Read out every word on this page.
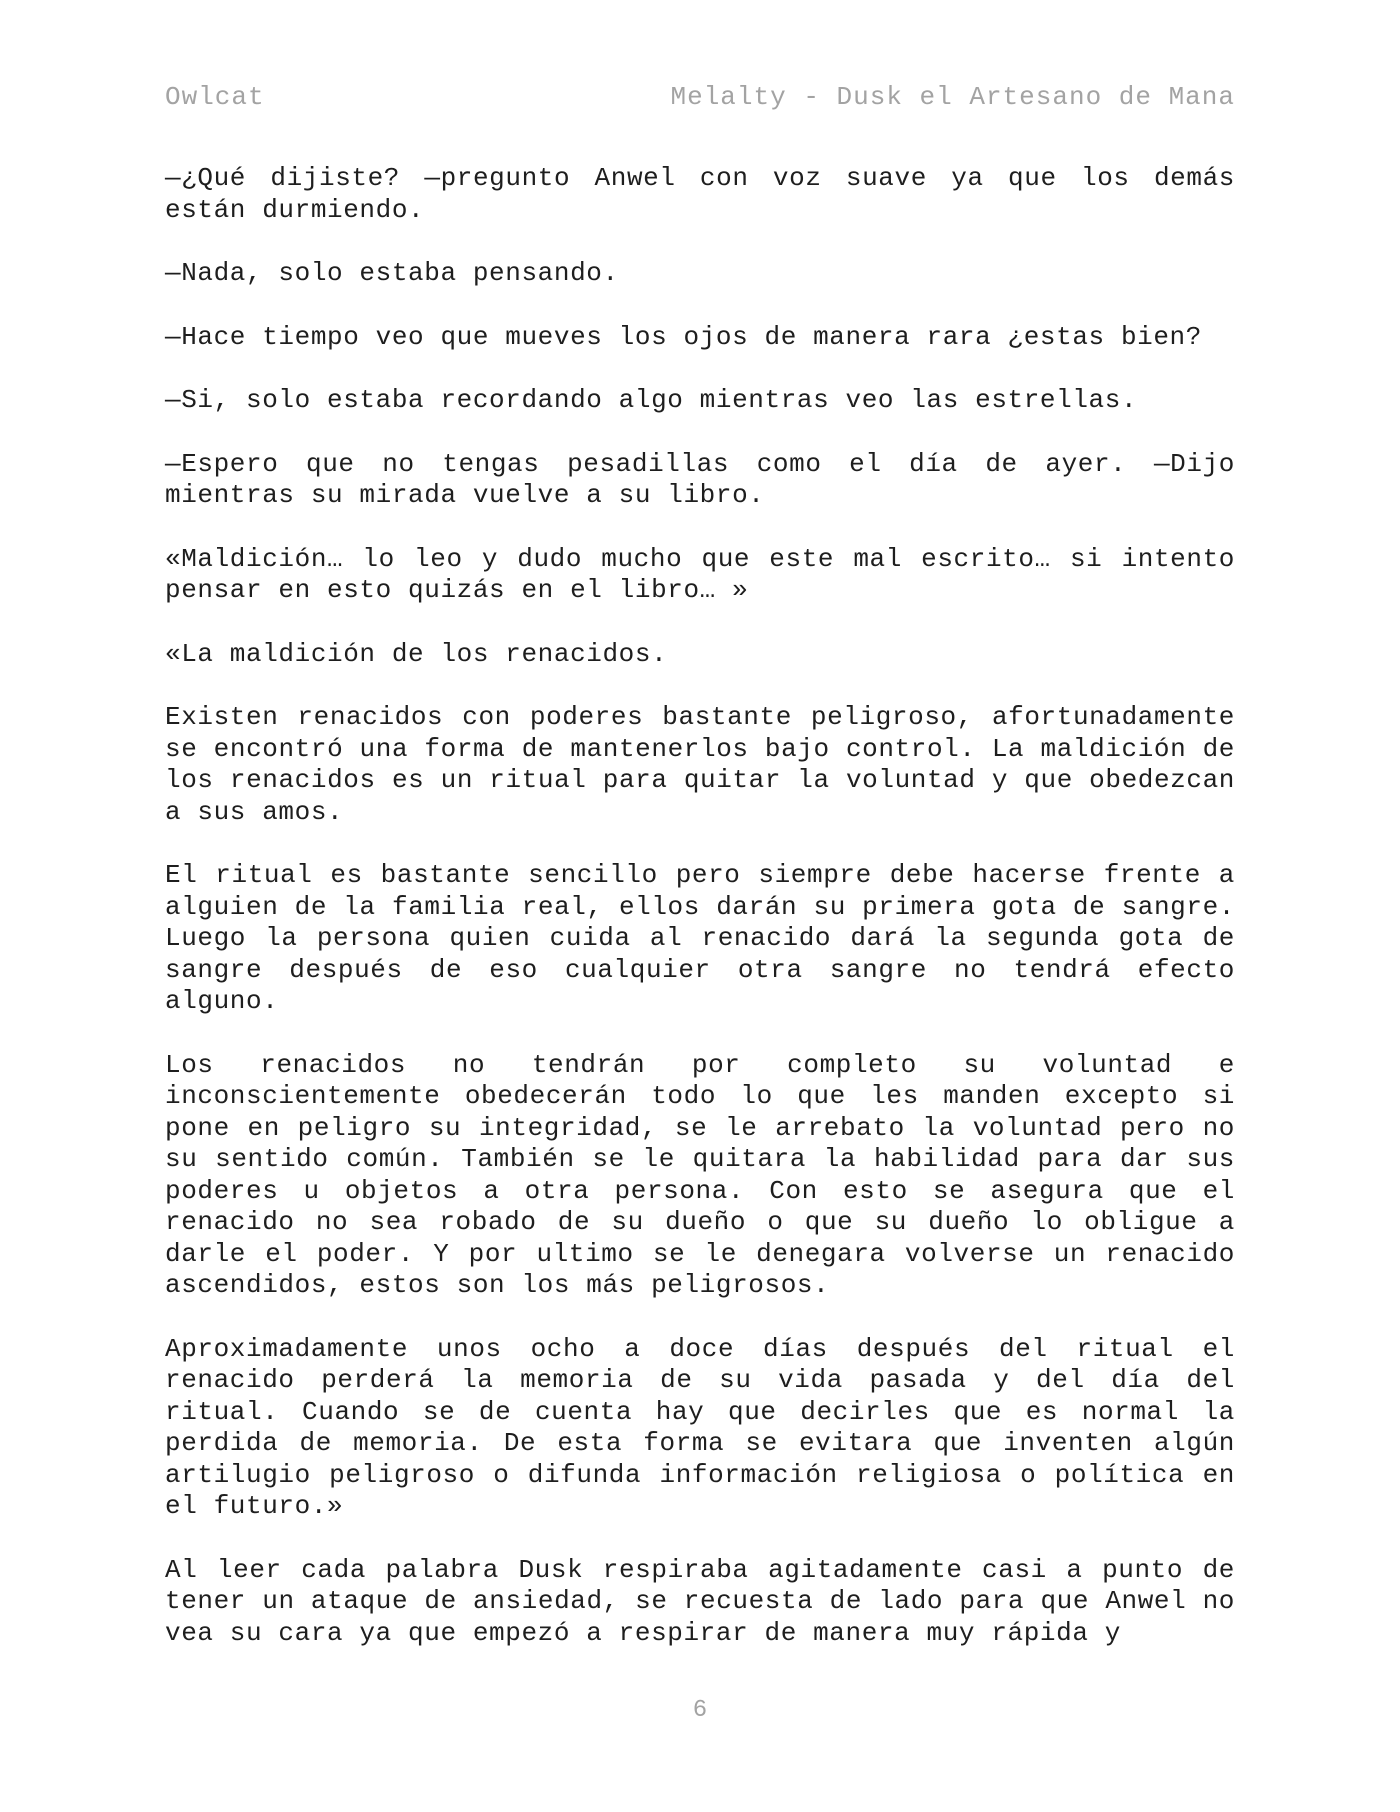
Owlcat	Melalty - Dusk el Artesano de Mana

—¿Qué dijiste? —pregunto Anwel con voz suave ya que los demás están durmiendo.

—Nada, solo estaba pensando.

—Hace tiempo veo que mueves los ojos de manera rara ¿estas bien?

—Si, solo estaba recordando algo mientras veo las estrellas.

—Espero que no tengas pesadillas como el día de ayer. —Dijo mientras su mirada vuelve a su libro.

«Maldición… lo leo y dudo mucho que este mal escrito… si intento pensar en esto quizás en el libro… »

«La maldición de los renacidos.

Existen renacidos con poderes bastante peligroso, afortunadamente se encontró una forma de mantenerlos bajo control. La maldición de los renacidos es un ritual para quitar la voluntad y que obedezcan a sus amos.

El ritual es bastante sencillo pero siempre debe hacerse frente a alguien de la familia real, ellos darán su primera gota de sangre. Luego la persona quien cuida al renacido dará la segunda gota de sangre después de eso cualquier otra sangre no tendrá efecto alguno.

Los renacidos no tendrán por completo su voluntad e inconscientemente obedecerán todo lo que les manden excepto si pone en peligro su integridad, se le arrebato la voluntad pero no su sentido común. También se le quitara la habilidad para dar sus poderes u objetos a otra persona. Con esto se asegura que el renacido no sea robado de su dueño o que su dueño lo obligue a darle el poder. Y por ultimo se le denegara volverse un renacido ascendidos, estos son los más peligrosos.

Aproximadamente unos ocho a doce días después del ritual el renacido perderá la memoria de su vida pasada y del día del ritual. Cuando se de cuenta hay que decirles que es normal la perdida de memoria. De esta forma se evitara que inventen algún artilugio peligroso o difunda información religiosa o política en el futuro.»

Al leer cada palabra Dusk respiraba agitadamente casi a punto de tener un ataque de ansiedad, se recuesta de lado para que Anwel no vea su cara ya que empezó a respirar de manera muy rápida y

6
